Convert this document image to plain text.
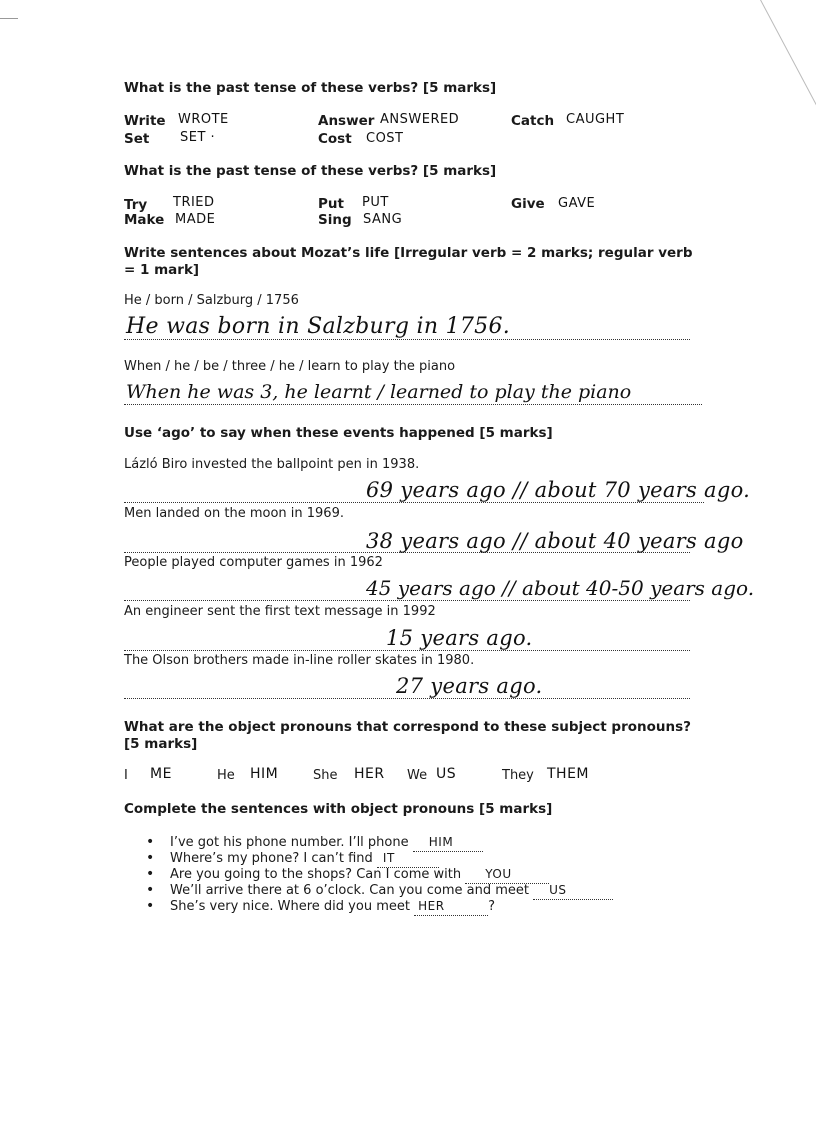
What is the past tense of these verbs? [5 marks]
Write WROTE	Answer ANSWERED	Catch CAUGHT
Set SET ·	Cost COST
What is the past tense of these verbs? [5 marks]
Try TRIED	Put PUT	Give GAVE
Make MADE	Sing SANG
Write sentences about Mozat’s life [Irregular verb = 2 marks; regular verb
= 1 mark]
He / born / Salzburg / 1756
He was born in Salzburg in 1756.
When / he / be / three / he / learn to play the piano
When he was 3, he learnt / learned to play the piano
Use ‘ago’ to say when these events happened [5 marks]
Lázló Biro invested the ballpoint pen in 1938.
69 years ago // about 70 years ago.
Men landed on the moon in 1969.
38 years ago // about 40 years ago
People played computer games in 1962
45 years ago // about 40-50 years ago.
An engineer sent the first text message in 1992
15 years ago.
The Olson brothers made in-line roller skates in 1980.
27 years ago.
What are the object pronouns that correspond to these subject pronouns?
[5 marks]
I ME	He HIM	She HER We US	They THEM
Complete the sentences with object pronouns [5 marks]
• I’ve got his phone number. I’ll phone HIM
• Where’s my phone? I can’t find IT
• Are you going to the shops? Can I come with YOU
• We’ll arrive there at 6 o’clock. Can you come and meet US
• She’s very nice. Where did you meet HER	?
